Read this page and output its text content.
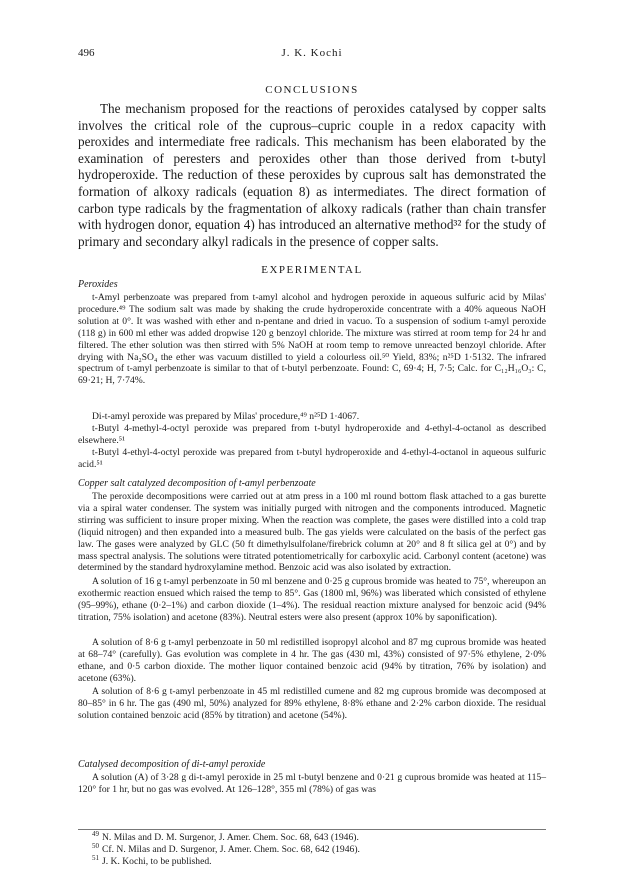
496	J. K. Kochi
CONCLUSIONS

The mechanism proposed for the reactions of peroxides catalysed by copper salts involves the critical role of the cuprous–cupric couple in a redox capacity with peroxides and intermediate free radicals. This mechanism has been elaborated by the examination of peresters and peroxides other than those derived from t-butyl hydroperoxide. The reduction of these peroxides by cuprous salt has demonstrated the formation of alkoxy radicals (equation 8) as intermediates. The direct formation of carbon type radicals by the fragmentation of alkoxy radicals (rather than chain transfer with hydrogen donor, equation 4) has introduced an alternative method³² for the study of primary and secondary alkyl radicals in the presence of copper salts.

EXPERIMENTAL
Peroxides

t-Amyl perbenzoate was prepared from t-amyl alcohol and hydrogen peroxide in aqueous sulfuric acid by Milas' procedure.⁴⁹ The sodium salt was made by shaking the crude hydroperoxide concentrate with a 40% aqueous NaOH solution at 0°. It was washed with ether and n-pentane and dried in vacuo. To a suspension of sodium t-amyl peroxide (118 g) in 600 ml ether was added dropwise 120 g benzoyl chloride. The mixture was stirred at room temp for 24 hr and filtered. The ether solution was then stirred with 5% NaOH at room temp to remove unreacted benzoyl chloride. After drying with Na₂SO₄ the ether was vacuum distilled to yield a colourless oil.⁵⁰ Yield, 83%; n²⁵D 1·5132. The infrared spectrum of t-amyl perbenzoate is similar to that of t-butyl perbenzoate. Found: C, 69·4; H, 7·5; Calc. for C₁₂H₁₆O₃: C, 69·21; H, 7·74%.

Di-t-amyl peroxide was prepared by Milas' procedure,⁴⁹ n²⁵D 1·4067.

t-Butyl 4-methyl-4-octyl peroxide was prepared from t-butyl hydroperoxide and 4-ethyl-4-octanol as described elsewhere.⁵¹

t-Butyl 4-ethyl-4-octyl peroxide was prepared from t-butyl hydroperoxide and 4-ethyl-4-octanol in aqueous sulfuric acid.⁵¹

Copper salt catalyzed decomposition of t-amyl perbenzoate

The peroxide decompositions were carried out at atm press in a 100 ml round bottom flask attached to a gas burette via a spiral water condenser. The system was initially purged with nitrogen and the components introduced. Magnetic stirring was sufficient to insure proper mixing. When the reaction was complete, the gases were distilled into a cold trap (liquid nitrogen) and then expanded into a measured bulb. The gas yields were calculated on the basis of the perfect gas law. The gases were analyzed by GLC (50 ft dimethylsulfolane/firebrick column at 20° and 8 ft silica gel at 0°) and by mass spectral analysis. The solutions were titrated potentiometrically for carboxylic acid. Carbonyl content (acetone) was determined by the standard hydroxylamine method. Benzoic acid was also isolated by extraction.

A solution of 16 g t-amyl perbenzoate in 50 ml benzene and 0·25 g cuprous bromide was heated to 75°, whereupon an exothermic reaction ensued which raised the temp to 85°. Gas (1800 ml, 96%) was liberated which consisted of ethylene (95–99%), ethane (0·2–1%) and carbon dioxide (1–4%). The residual reaction mixture analysed for benzoic acid (94% titration, 75% isolation) and acetone (83%). Neutral esters were also present (approx 10% by saponification).

A solution of 8·6 g t-amyl perbenzoate in 50 ml redistilled isopropyl alcohol and 87 mg cuprous bromide was heated at 68–74° (carefully). Gas evolution was complete in 4 hr. The gas (430 ml, 43%) consisted of 97·5% ethylene, 2·0% ethane, and 0·5 carbon dioxide. The mother liquor contained benzoic acid (94% by titration, 76% by isolation) and acetone (63%).

A solution of 8·6 g t-amyl perbenzoate in 45 ml redistilled cumene and 82 mg cuprous bromide was decomposed at 80–85° in 6 hr. The gas (490 ml, 50%) analyzed for 89% ethylene, 8·8% ethane and 2·2% carbon dioxide. The residual solution contained benzoic acid (85% by titration) and acetone (54%).

Catalysed decomposition of di-t-amyl peroxide

A solution (A) of 3·28 g di-t-amyl peroxide in 25 ml t-butyl benzene and 0·21 g cuprous bromide was heated at 115–120° for 1 hr, but no gas was evolved. At 126–128°, 355 ml (78%) of gas was

$^{49}$ N. Milas and D. M. Surgenor, J. Amer. Chem. Soc. 68, 643 (1946).
$^{50}$ Cf. N. Milas and D. Surgenor, J. Amer. Chem. Soc. 68, 642 (1946).
$^{51}$ J. K. Kochi, to be published.
